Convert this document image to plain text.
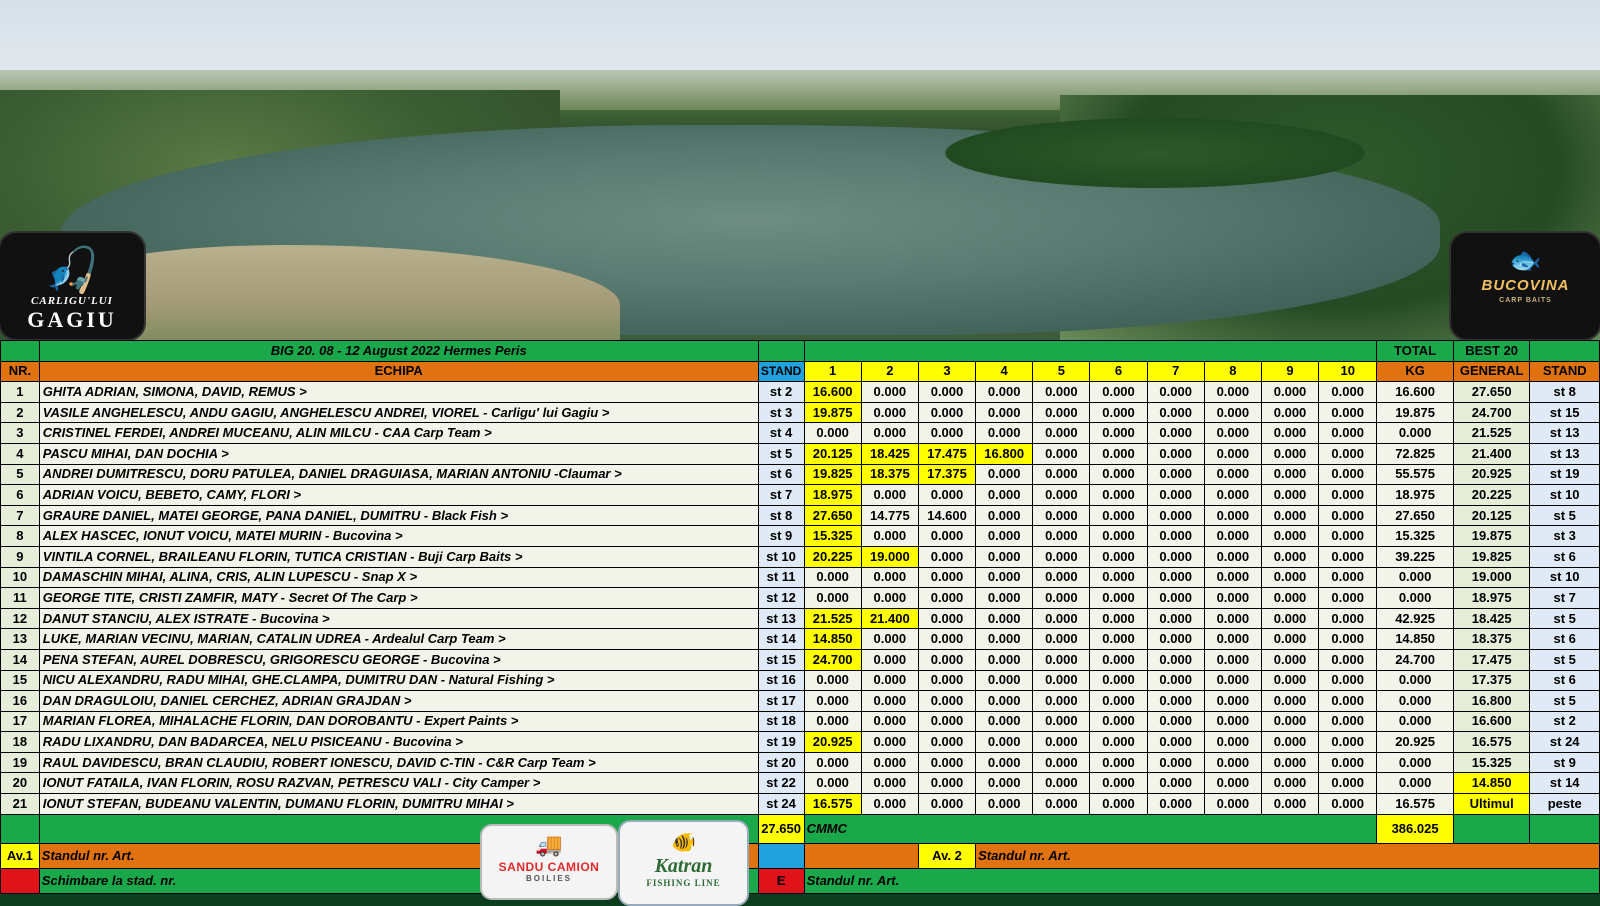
🎣
CARLIGU'LUI
GAGIU
🐟
BUCOVINA
CARP BAITS
	BIG 20. 08 - 12 August 2022 Hermes Peris												TOTAL	BEST 20	
NR.	ECHIPA	STAND	1	2	3	4	5	6	7	8	9	10	KG	GENERAL	STAND
1	GHITA ADRIAN, SIMONA, DAVID, REMUS >	st 2	16.600	0.000	0.000	0.000	0.000	0.000	0.000	0.000	0.000	0.000	16.600	27.650	st 8
2	VASILE ANGHELESCU, ANDU GAGIU, ANGHELESCU ANDREI, VIOREL - Carligu' lui Gagiu >	st 3	19.875	0.000	0.000	0.000	0.000	0.000	0.000	0.000	0.000	0.000	19.875	24.700	st 15
3	CRISTINEL FERDEI, ANDREI MUCEANU, ALIN MILCU - CAA Carp Team >	st 4	0.000	0.000	0.000	0.000	0.000	0.000	0.000	0.000	0.000	0.000	0.000	21.525	st 13
4	PASCU MIHAI, DAN DOCHIA >	st 5	20.125	18.425	17.475	16.800	0.000	0.000	0.000	0.000	0.000	0.000	72.825	21.400	st 13
5	ANDREI DUMITRESCU, DORU PATULEA, DANIEL DRAGUIASA, MARIAN ANTONIU -Claumar >	st 6	19.825	18.375	17.375	0.000	0.000	0.000	0.000	0.000	0.000	0.000	55.575	20.925	st 19
6	ADRIAN VOICU, BEBETO, CAMY, FLORI >	st 7	18.975	0.000	0.000	0.000	0.000	0.000	0.000	0.000	0.000	0.000	18.975	20.225	st 10
7	GRAURE DANIEL, MATEI GEORGE, PANA DANIEL, DUMITRU - Black Fish >	st 8	27.650	14.775	14.600	0.000	0.000	0.000	0.000	0.000	0.000	0.000	27.650	20.125	st 5
8	ALEX HASCEC, IONUT VOICU, MATEI MURIN - Bucovina >	st 9	15.325	0.000	0.000	0.000	0.000	0.000	0.000	0.000	0.000	0.000	15.325	19.875	st 3
9	VINTILA CORNEL, BRAILEANU FLORIN, TUTICA CRISTIAN - Buji Carp Baits >	st 10	20.225	19.000	0.000	0.000	0.000	0.000	0.000	0.000	0.000	0.000	39.225	19.825	st 6
10	DAMASCHIN MIHAI, ALINA, CRIS, ALIN LUPESCU - Snap X >	st 11	0.000	0.000	0.000	0.000	0.000	0.000	0.000	0.000	0.000	0.000	0.000	19.000	st 10
11	GEORGE TITE, CRISTI ZAMFIR, MATY - Secret Of The Carp >	st 12	0.000	0.000	0.000	0.000	0.000	0.000	0.000	0.000	0.000	0.000	0.000	18.975	st 7
12	DANUT STANCIU, ALEX ISTRATE - Bucovina >	st 13	21.525	21.400	0.000	0.000	0.000	0.000	0.000	0.000	0.000	0.000	42.925	18.425	st 5
13	LUKE, MARIAN VECINU, MARIAN, CATALIN UDREA - Ardealul Carp Team >	st 14	14.850	0.000	0.000	0.000	0.000	0.000	0.000	0.000	0.000	0.000	14.850	18.375	st 6
14	PENA STEFAN, AUREL DOBRESCU, GRIGORESCU GEORGE - Bucovina >	st 15	24.700	0.000	0.000	0.000	0.000	0.000	0.000	0.000	0.000	0.000	24.700	17.475	st 5
15	NICU ALEXANDRU, RADU MIHAI, GHE.CLAMPA, DUMITRU DAN - Natural Fishing >	st 16	0.000	0.000	0.000	0.000	0.000	0.000	0.000	0.000	0.000	0.000	0.000	17.375	st 6
16	DAN DRAGULOIU, DANIEL CERCHEZ, ADRIAN GRAJDAN >	st 17	0.000	0.000	0.000	0.000	0.000	0.000	0.000	0.000	0.000	0.000	0.000	16.800	st 5
17	MARIAN FLOREA, MIHALACHE FLORIN, DAN DOROBANTU - Expert Paints >	st 18	0.000	0.000	0.000	0.000	0.000	0.000	0.000	0.000	0.000	0.000	0.000	16.600	st 2
18	RADU LIXANDRU, DAN BADARCEA, NELU PISICEANU - Bucovina >	st 19	20.925	0.000	0.000	0.000	0.000	0.000	0.000	0.000	0.000	0.000	20.925	16.575	st 24
19	RAUL DAVIDESCU, BRAN CLAUDIU, ROBERT IONESCU, DAVID C-TIN - C&R Carp Team >	st 20	0.000	0.000	0.000	0.000	0.000	0.000	0.000	0.000	0.000	0.000	0.000	15.325	st 9
20	IONUT FATAILA, IVAN FLORIN, ROSU RAZVAN, PETRESCU VALI - City Camper >	st 22	0.000	0.000	0.000	0.000	0.000	0.000	0.000	0.000	0.000	0.000	0.000	14.850	st 14
21	IONUT STEFAN, BUDEANU VALENTIN, DUMANU FLORIN, DUMITRU MIHAI >	st 24	16.575	0.000	0.000	0.000	0.000	0.000	0.000	0.000	0.000	0.000	16.575	Ultimul	peste
		27.650	CMMC										386.025		
Av.1	Standul nr. Art.				Av. 2	Standul nr. Art.									
	Schimbare la stad. nr.	E	Standul nr. Art.												
🚚
SANDU CAMION
BOILIES
🐠
Katran
FISHING LINE
